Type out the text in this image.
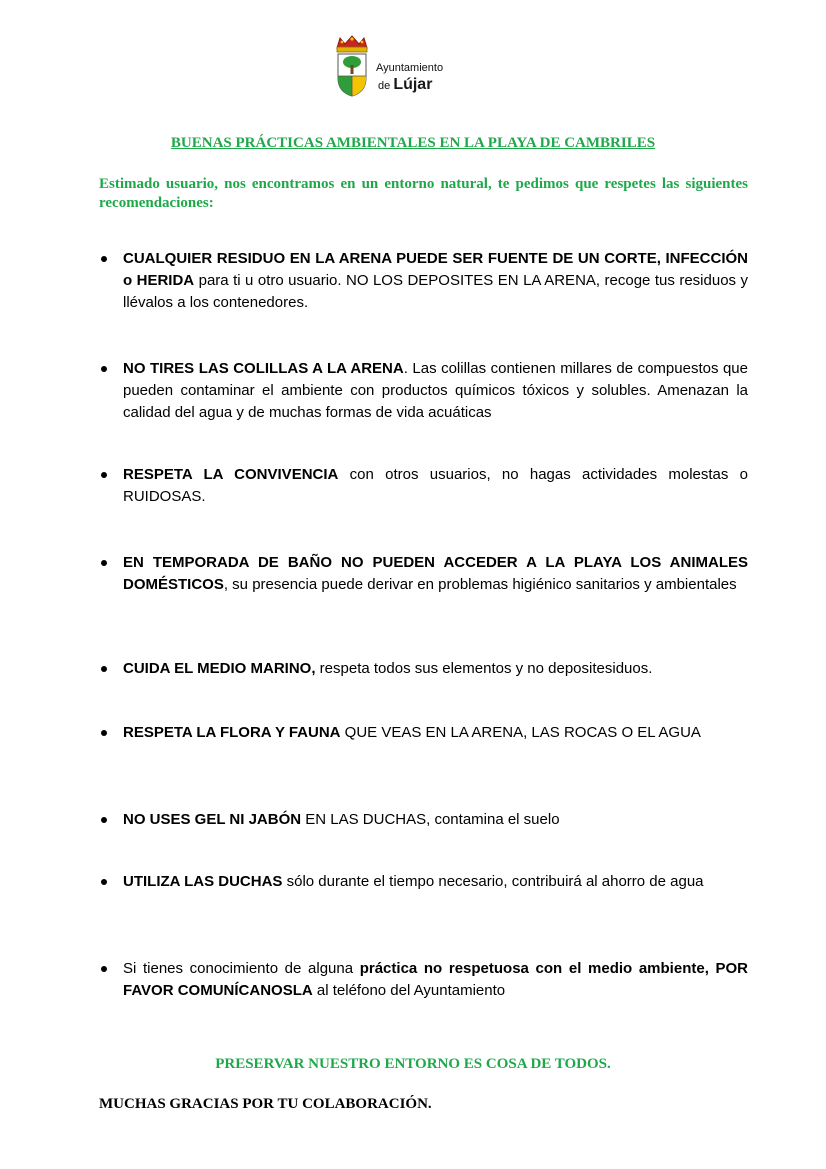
Ayuntamiento
de Lújar
BUENAS PRÁCTICAS AMBIENTALES EN LA PLAYA DE CAMBRILES
Estimado usuario, nos encontramos en un entorno natural, te pedimos que respetes las siguientes recomendaciones:
CUALQUIER RESIDUO EN LA ARENA PUEDE SER FUENTE DE UN CORTE, INFECCIÓN o HERIDA para ti u otro usuario. NO LOS DEPOSITES EN LA ARENA, recoge tus residuos y llévalos a los contenedores.
NO TIRES LAS COLILLAS A LA ARENA. Las colillas contienen millares de compuestos que pueden contaminar el ambiente con productos químicos tóxicos y solubles. Amenazan la calidad del agua y de muchas formas de vida acuáticas
RESPETA LA CONVIVENCIA con otros usuarios, no hagas actividades molestas o RUIDOSAS.
EN TEMPORADA DE BAÑO NO PUEDEN ACCEDER A LA PLAYA LOS ANIMALES DOMÉSTICOS, su presencia puede derivar en problemas higiénico sanitarios y ambientales
CUIDA EL MEDIO MARINO, respeta todos sus elementos y no depositesiduos.
RESPETA LA FLORA Y FAUNA QUE VEAS EN LA ARENA, LAS ROCAS O EL AGUA
NO USES GEL NI JABÓN EN LAS DUCHAS, contamina el suelo
UTILIZA LAS DUCHAS sólo durante el tiempo necesario, contribuirá al ahorro de agua
Si tienes conocimiento de alguna práctica no respetuosa con el medio ambiente, POR FAVOR COMUNÍCANOSLA al teléfono del Ayuntamiento
PRESERVAR NUESTRO ENTORNO ES COSA DE TODOS.
MUCHAS GRACIAS POR TU COLABORACIÓN.
